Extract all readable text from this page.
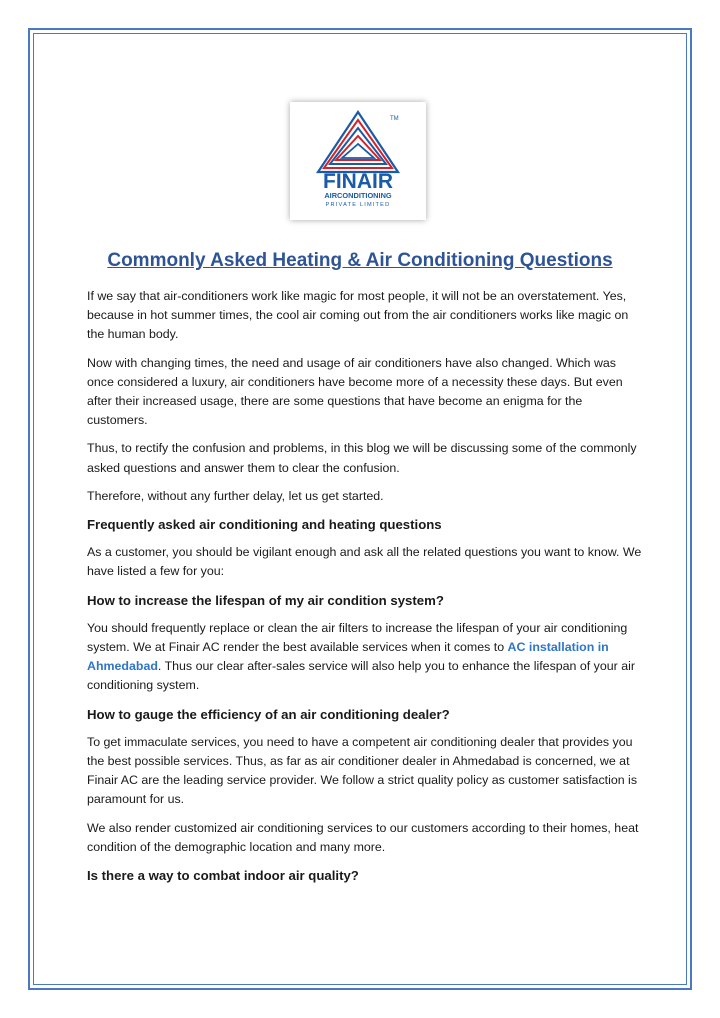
TM
FINAIR
AIRCONDITIONING
PRIVATE LIMITED
Commonly Asked Heating & Air Conditioning Questions

If we say that air-conditioners work like magic for most people, it will not be an overstatement. Yes, because in hot summer times, the cool air coming out from the air conditioners works like magic on the human body.

Now with changing times, the need and usage of air conditioners have also changed. Which was once considered a luxury, air conditioners have become more of a necessity these days. But even after their increased usage, there are some questions that have become an enigma for the customers.

Thus, to rectify the confusion and problems, in this blog we will be discussing some of the commonly asked questions and answer them to clear the confusion.

Therefore, without any further delay, let us get started.

Frequently asked air conditioning and heating questions

As a customer, you should be vigilant enough and ask all the related questions you want to know. We have listed a few for you:

How to increase the lifespan of my air condition system?

You should frequently replace or clean the air filters to increase the lifespan of your air conditioning system. We at Finair AC render the best available services when it comes to AC installation in Ahmedabad. Thus our clear after-sales service will also help you to enhance the lifespan of your air conditioning system.

How to gauge the efficiency of an air conditioning dealer?

To get immaculate services, you need to have a competent air conditioning dealer that provides you the best possible services. Thus, as far as air conditioner dealer in Ahmedabad is concerned, we at Finair AC are the leading service provider. We follow a strict quality policy as customer satisfaction is paramount for us.

We also render customized air conditioning services to our customers according to their homes, heat condition of the demographic location and many more.

Is there a way to combat indoor air quality?
